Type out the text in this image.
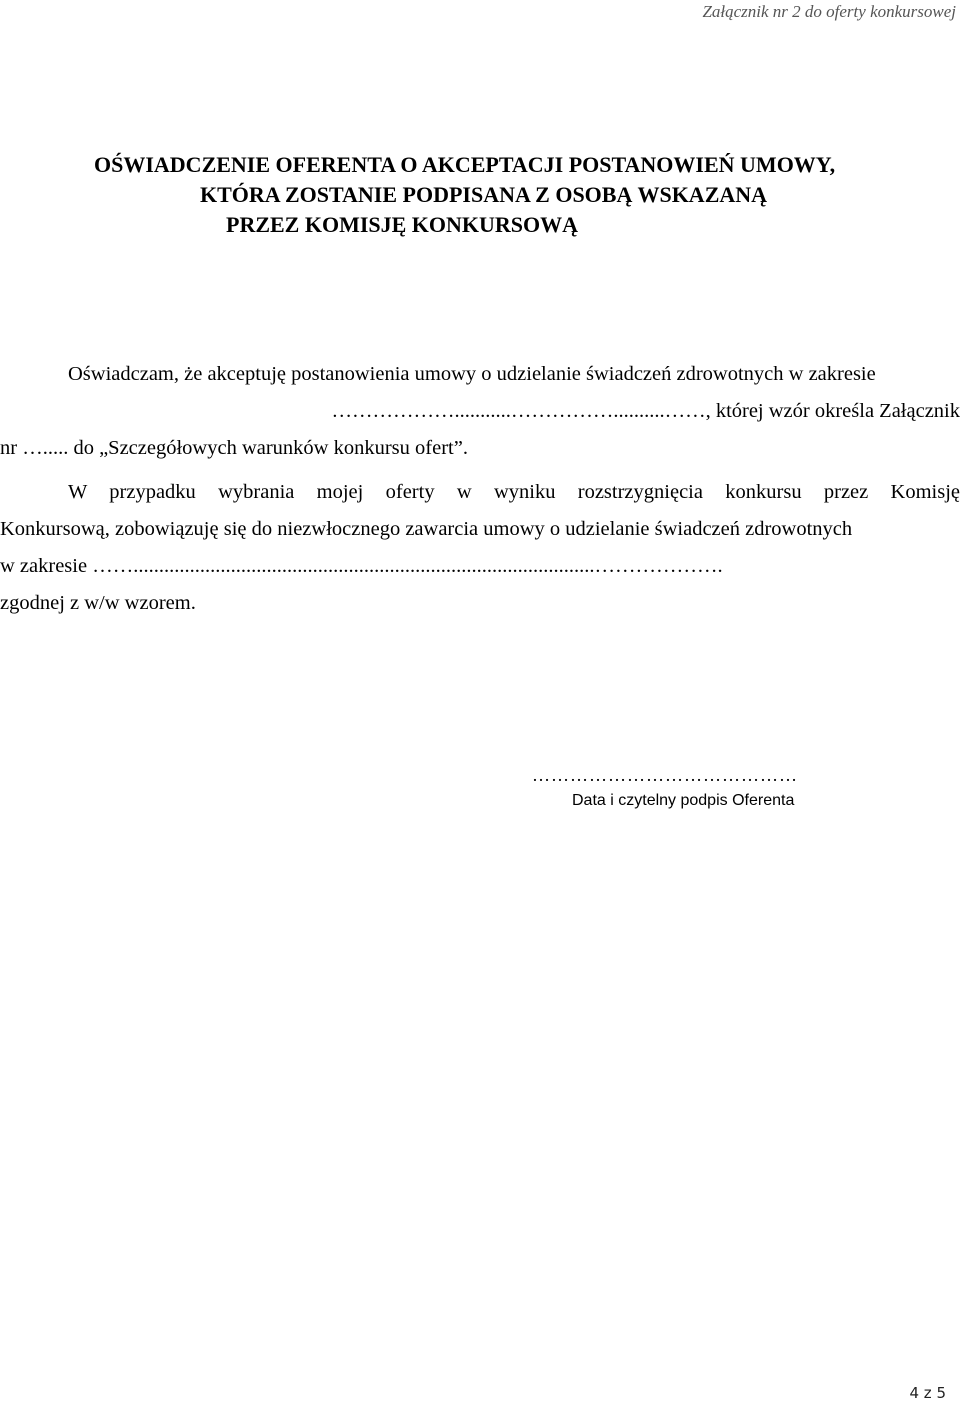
Załącznik nr 2 do oferty konkursowej
OŚWIADCZENIE OFERENTA O AKCEPTACJI POSTANOWIEŃ UMOWY,
KTÓRA ZOSTANIE PODPISANA Z OSOBĄ WSKAZANĄ
PRZEZ KOMISJĘ KONKURSOWĄ
Oświadczam, że akceptuję postanowienia umowy o udzielanie świadczeń zdrowotnych w zakresie
………………...........……………..........……, której wzór określa Załącznik
nr …..... do „Szczegółowych warunków konkursu ofert”.
W przypadku wybrania mojej oferty w wyniku rozstrzygnięcia konkursu przez Komisję
Konkursową, zobowiązuję się do niezwłocznego zawarcia umowy o udzielanie świadczeń zdrowotnych
w zakresie ……..........................................................................................……………….
zgodnej z w/w wzorem.
……………………………………
Data i czytelny podpis Oferenta
4 z 5
